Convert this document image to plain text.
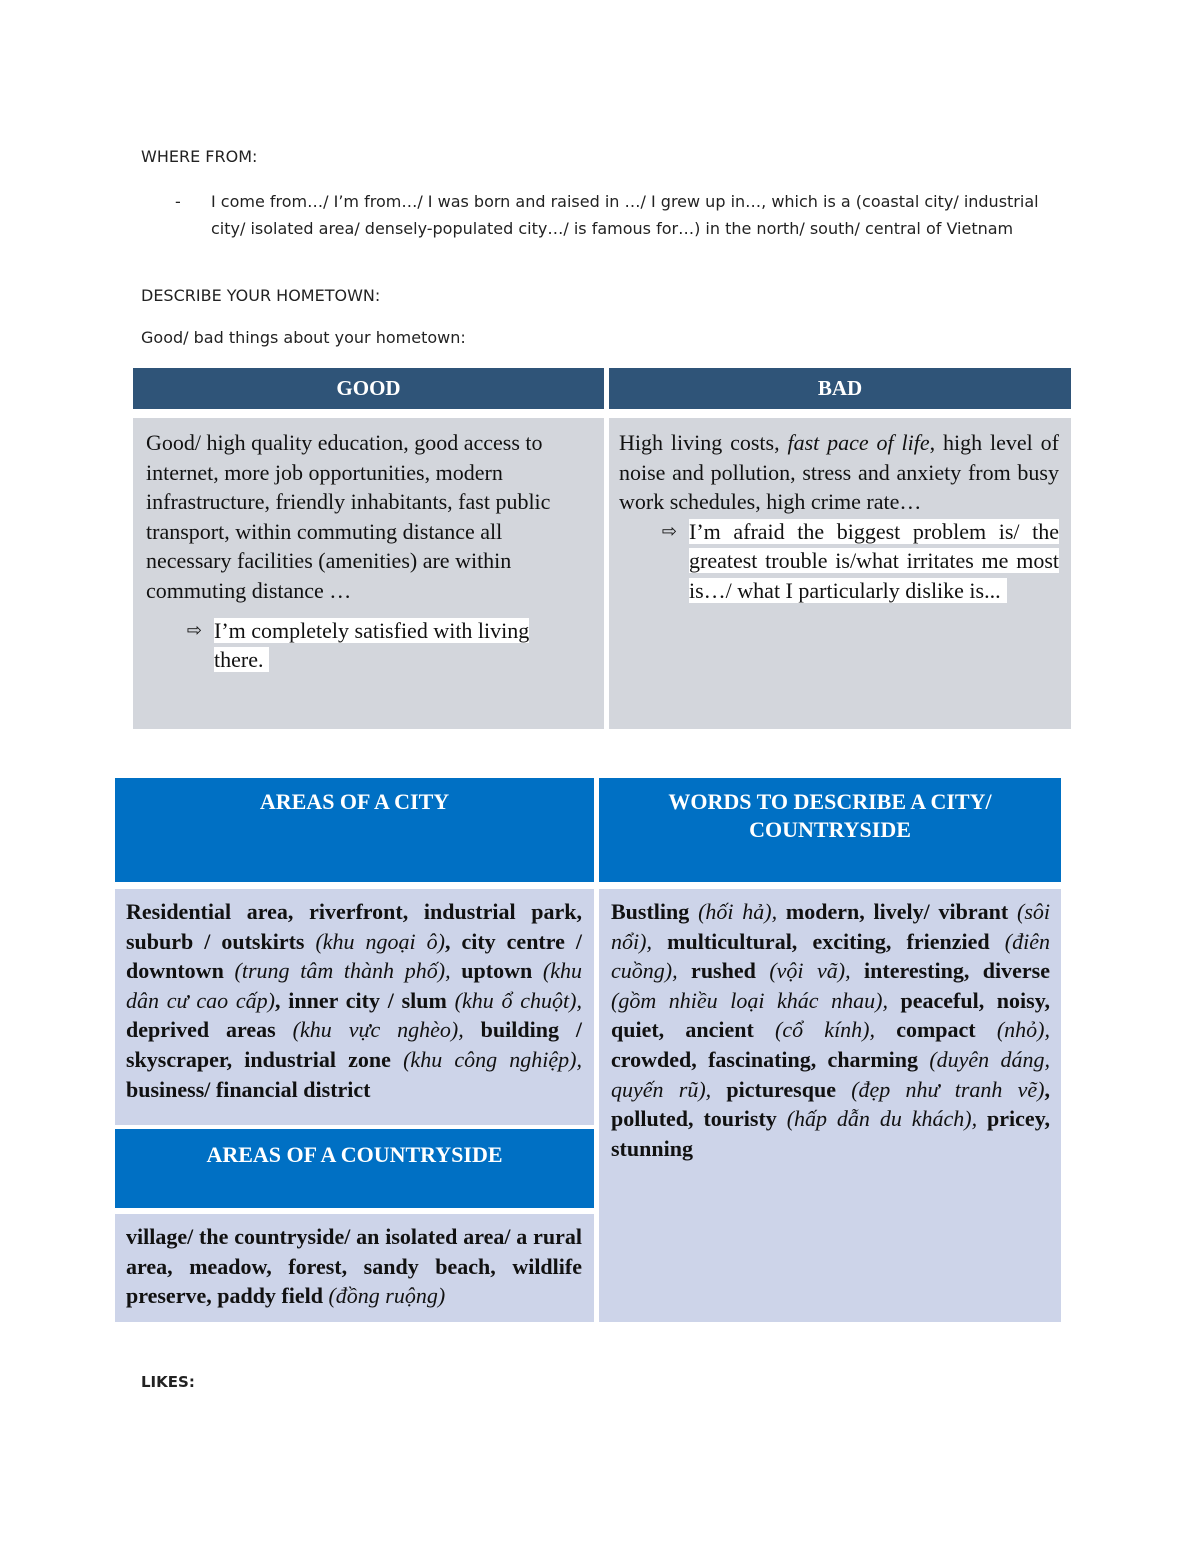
WHERE FROM:
- I come from…/ I’m from…/ I was born and raised in …/ I grew up in…, which is a (coastal city/ industrial city/ isolated area/ densely-populated city…/ is famous for…) in the north/ south/ central of Vietnam
DESCRIBE YOUR HOMETOWN:
Good/ bad things about your hometown:
GOOD	BAD
Good/ high quality education, good access to internet, more job opportunities, modern infrastructure, friendly inhabitants, fast public transport, within commuting distance all necessary facilities (amenities) are within commuting distance …
⇨ I’m completely satisfied with living there.
High living costs, fast pace of life, high level of noise and pollution, stress and anxiety from busy work schedules, high crime rate…
⇨ I’m afraid the biggest problem is/ the greatest trouble is/what irritates me most is…/ what I particularly dislike is...
AREAS OF A CITY	WORDS TO DESCRIBE A CITY/ COUNTRYSIDE
Residential area, riverfront, industrial park, suburb / outskirts (khu ngoại ô), city centre / downtown (trung tâm thành phố), uptown (khu dân cư cao cấp), inner city / slum (khu ổ chuột), deprived areas (khu vực nghèo), building / skyscraper, industrial zone (khu công nghiệp), business/ financial district
AREAS OF A COUNTRYSIDE
village/ the countryside/ an isolated area/ a rural area, meadow, forest, sandy beach, wildlife preserve, paddy field (đồng ruộng)
Bustling (hối hả), modern, lively/ vibrant (sôi nổi), multicultural, exciting, frienzied (điên cuồng), rushed (vội vã), interesting, diverse (gồm nhiều loại khác nhau), peaceful, noisy, quiet, ancient (cổ kính), compact (nhỏ), crowded, fascinating, charming (duyên dáng, quyến rũ), picturesque (đẹp như tranh vẽ), polluted, touristy (hấp dẫn du khách), pricey, stunning
LIKES:
